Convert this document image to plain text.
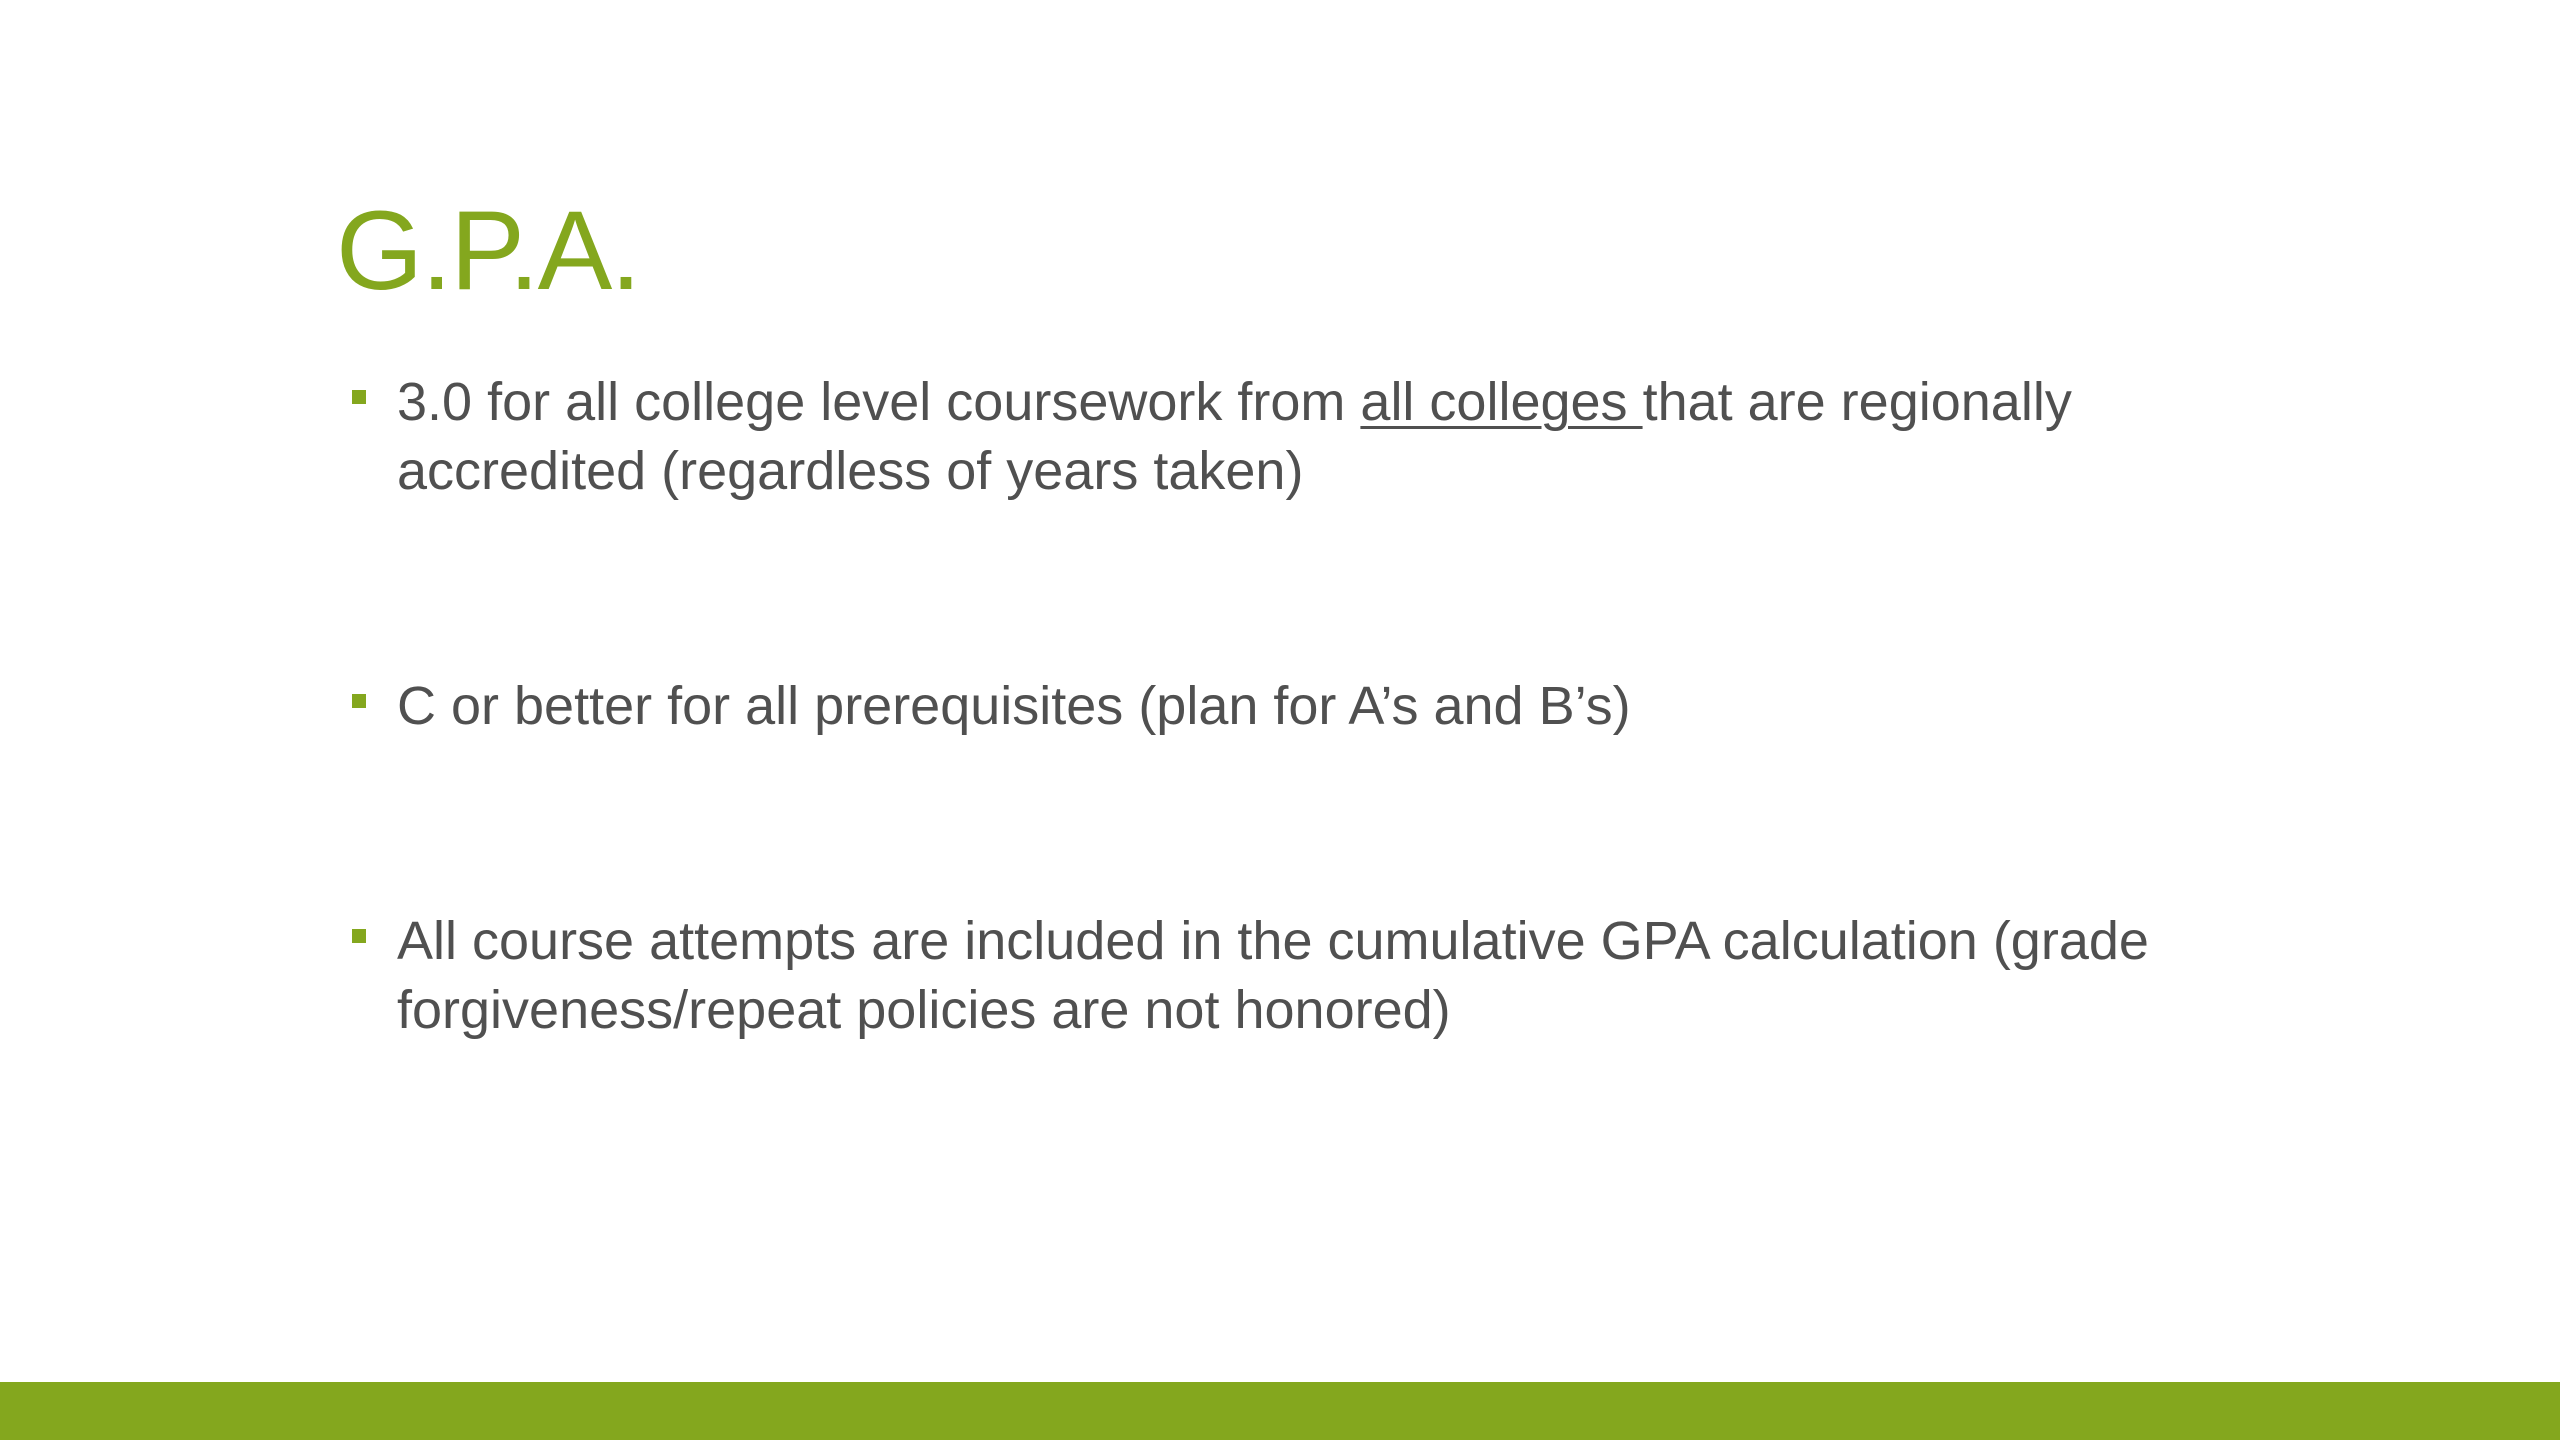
G.P.A.
3.0 for all college level coursework from all colleges that are regionally accredited (regardless of years taken)
C or better for all prerequisites (plan for A’s and B’s)
All course attempts are included in the cumulative GPA calculation (grade forgiveness/repeat policies are not honored)
